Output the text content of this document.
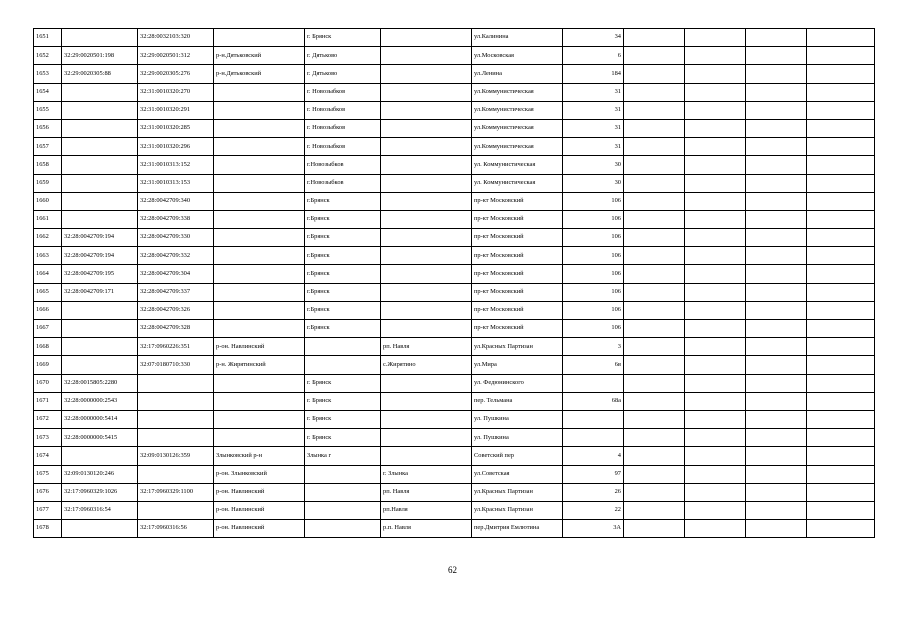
1651		32:28:0032103:320		г. Брянск		ул.Калинина	34				
1652	32:29:0020501:198	32:29:0020501:312	р-н.Дятьковский	г. Дятьково		ул.Московская	6				
1653	32:29:0020305:88	32:29:0020305:276	р-н.Дятьковский	г. Дятьково		ул.Ленина	184				
1654		32:31:0010320:270		г. Новозыбков		ул.Коммунистическая	31				
1655		32:31:0010320:291		г. Новозыбков		ул.Коммунистическая	31				
1656		32:31:0010320:285		г. Новозыбков		ул.Коммунистическая	31				
1657		32:31:0010320:296		г. Новозыбков		ул.Коммунистическая	31				
1658		32:31:0010313:152		г.Новозыбков		ул. Коммунистическая	30				
1659		32:31:0010313:153		г.Новозыбков		ул. Коммунистическая	30				
1660		32:28:0042709:340		г.Брянск		пр-кт Московский	106				
1661		32:28:0042709:338		г.Брянск		пр-кт Московский	106				
1662	32:28:0042709:194	32:28:0042709:330		г.Брянск		пр-кт Московский	106				
1663	32:28:0042709:194	32:28:0042709:332		г.Брянск		пр-кт Московский	106				
1664	32:28:0042709:195	32:28:0042709:304		г.Брянск		пр-кт Московский	106				
1665	32:28:0042709:171	32:28:0042709:337		г.Брянск		пр-кт Московский	106				
1666		32:28:0042709:326		г.Брянск		пр-кт Московский	106				
1667		32:28:0042709:328		г.Брянск		пр-кт Московский	106				
1668		32:17:0960226:351	р-он. Навлинский		рп. Навля	ул.Красных Партизан	3				
1669		32:07:0180710:330	р-н. Жирятинский		с.Жирятино	ул.Мира	6в				
1670	32:28:0015805:2280			г. Брянск		ул. Федюнинского					
1671	32:28:0000000:2543			г. Брянск		пер. Тельмана	68а				
1672	32:28:0000000:5414			г. Брянск		ул. Пушкина					
1673	32:28:0000000:5415			г. Брянск		ул. Пушкина					
1674		32:09:0130126:359	Злынковский р-н	Злынка г		Советский пер	4				
1675	32:09:0130120:246		р-он. Злынковский		г. Злынка	ул.Советская	97				
1676	32:17:0960329:1026	32:17:0960329:1100	р-он. Навлинский		рп. Навля	ул.Красных Партизан	26				
1677	32:17:0960316:54		р-он. Навлинский		рп.Навля	ул.Красных Партизан	22				
1678		32:17:0960316:56	р-он. Навлинский		р.п. Навля	пер.Дмитрия Емлютина	3А				
62
